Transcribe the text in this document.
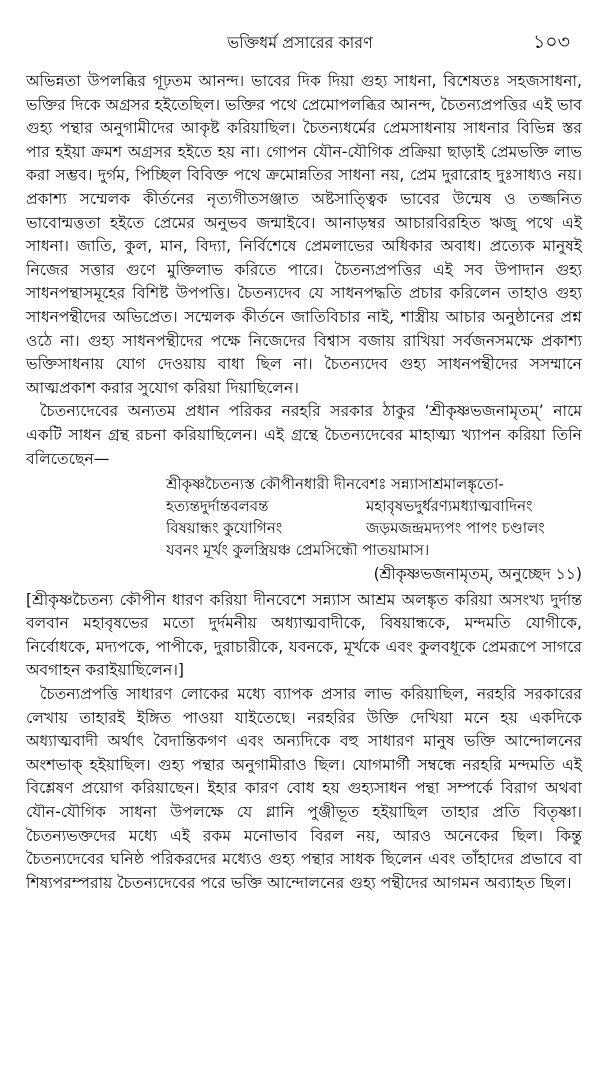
ভক্তিধর্ম প্রসারের কারণ	১০৩

অভিন্নতা উপলব্ধির গূঢ়তম আনন্দ। ভাবের দিক দিয়া গুহ্য সাধনা, বিশেষতঃ সহজসাধনা, ভক্তির দিকে অগ্রসর হইতেছিল। ভক্তির পথে প্রেমোপলব্ধির আনন্দ, চৈতন্যপ্রপত্তির এই ভাব গুহ্য পন্থার অনুগামীদের আকৃষ্ট করিয়াছিল। চৈতন্যধর্মের প্রেমসাধনায় সাধনার বিভিন্ন স্তর পার হইয়া ক্রমশ অগ্রসর হইতে হয় না। গোপন যৌন-যৌগিক প্রক্রিয়া ছাড়াই প্রেমভক্তি লাভ করা সম্ভব। দুর্গম, পিচ্ছিল বিবিক্ত পথে ক্রমোন্নতির সাধনা নয়, প্রেম দুরারোহ দুঃসাধ্যও নয়। প্রকাশ্য সম্মেলক কীর্তনের নৃত্যগীতসঞ্জাত অষ্টসাত্ত্বিক ভাবের উন্মেষ ও তজ্জনিত ভাবোন্মত্ততা হইতে প্রেমের অনুভব জন্মাইবে। আনাড়ম্বর আচারবিরহিত ঋজু পথে এই সাধনা। জাতি, কুল, মান, বিদ্যা, নির্বিশেষে প্রেমলাভের অধিকার অবাধ। প্রত্যেক মানুষই নিজের সত্তার গুণে মুক্তিলাভ করিতে পারে। চৈতন্যপ্রপত্তির এই সব উপাদান গুহ্য সাধনপন্থাসমূহের বিশিষ্ট উপপত্তি। চৈতন্যদেব যে সাধনপদ্ধতি প্রচার করিলেন তাহাও গুহ্য সাধনপন্থীদের অভিপ্রেত। সম্মেলক কীর্তনে জাতিবিচার নাই, শাস্ত্রীয় আচার অনুষ্ঠানের প্রশ্ন ওঠে না। গুহ্য সাধনপন্থীদের পক্ষে নিজেদের বিশ্বাস বজায় রাখিয়া সর্বজনসমক্ষে প্রকাশ্য ভক্তিসাধনায় যোগ দেওয়ায় বাধা ছিল না। চৈতন্যদেব গুহ্য সাধনপন্থীদের সসম্মানে আত্মপ্রকাশ করার সুযোগ করিয়া দিয়াছিলেন।

চৈতন্যদেবের অন্যতম প্রধান পরিকর নরহরি সরকার ঠাকুর ‘শ্রীকৃষ্ণভজনামৃতম্’ নামে একটি সাধন গ্রন্থ রচনা করিয়াছিলেন। এই গ্রন্থে চৈতন্যদেবের মাহাত্ম্য খ্যাপন করিয়া তিনি বলিতেছেন—

শ্রীকৃষ্ণচৈতন্যস্ত কৌপীনধারী দীনবেশঃ সন্ন্যাসাশ্রমালঙ্কৃতো-
হত্যন্তদুর্দান্তবলবন্ত	মহাবৃষভদুর্ধরণ্যমধ্যাত্মবাদিনং
বিষয়ান্ধং কুযোগিনং	জড়মজন্দ্রমদ্যপং পাপং চণ্ডালং
যবনং মূর্খং কুলস্ত্রিয়ঞ্চ প্রেমসিন্ধৌ পাতয়ামাস।
(শ্রীকৃষ্ণভজনামৃতম্, অনুচ্ছেদ ১১)

[শ্রীকৃষ্ণচৈতন্য কৌপীন ধারণ করিয়া দীনবেশে সন্ন্যাস আশ্রম অলঙ্কৃত করিয়া অসংখ্য দুর্দান্ত বলবান মহাবৃষভের মতো দুর্দমনীয় অধ্যাত্মবাদীকে, বিষয়ান্ধকে, মন্দমতি যোগীকে, নির্বোধকে, মদ্যপকে, পাপীকে, দুরাচারীকে, যবনকে, মূর্খকে এবং কুলবধূকে প্রেমরূপে সাগরে অবগাহন করাইয়াছিলেন।]

চৈতন্যপ্রপত্তি সাধারণ লোকের মধ্যে ব্যাপক প্রসার লাভ করিয়াছিল, নরহরি সরকারের লেখায় তাহারই ইঙ্গিত পাওয়া যাইতেছে। নরহরির উক্তি দেখিয়া মনে হয় একদিকে অধ্যাত্মবাদী অর্থাৎ বৈদান্তিকগণ এবং অন্যদিকে বহু সাধারণ মানুষ ভক্তি আন্দোলনের অংশভাক্ হইয়াছিল। গুহ্য পন্থার অনুগামীরাও ছিল। যোগমার্গী সম্বন্ধে নরহরি মন্দমতি এই বিশ্লেষণ প্রয়োগ করিয়াছেন। ইহার কারণ বোধ হয় গুহ্যসাধন পন্থা সম্পর্কে বিরাগ অথবা যৌন-যৌগিক সাধনা উপলক্ষে যে গ্লানি পুঞ্জীভূত হইয়াছিল তাহার প্রতি বিতৃষ্ণা। চৈতন্যভক্তদের মধ্যে এই রকম মনোভাব বিরল নয়, আরও অনেকের ছিল। কিন্তু চৈতন্যদেবের ঘনিষ্ঠ পরিকরদের মধ্যেও গুহ্য পন্থার সাধক ছিলেন এবং তাঁহাদের প্রভাবে বা শিষ্যপরম্পরায় চৈতন্যদেবের পরে ভক্তি আন্দোলনের গুহ্য পন্থীদের আগমন অব্যাহত ছিল।
